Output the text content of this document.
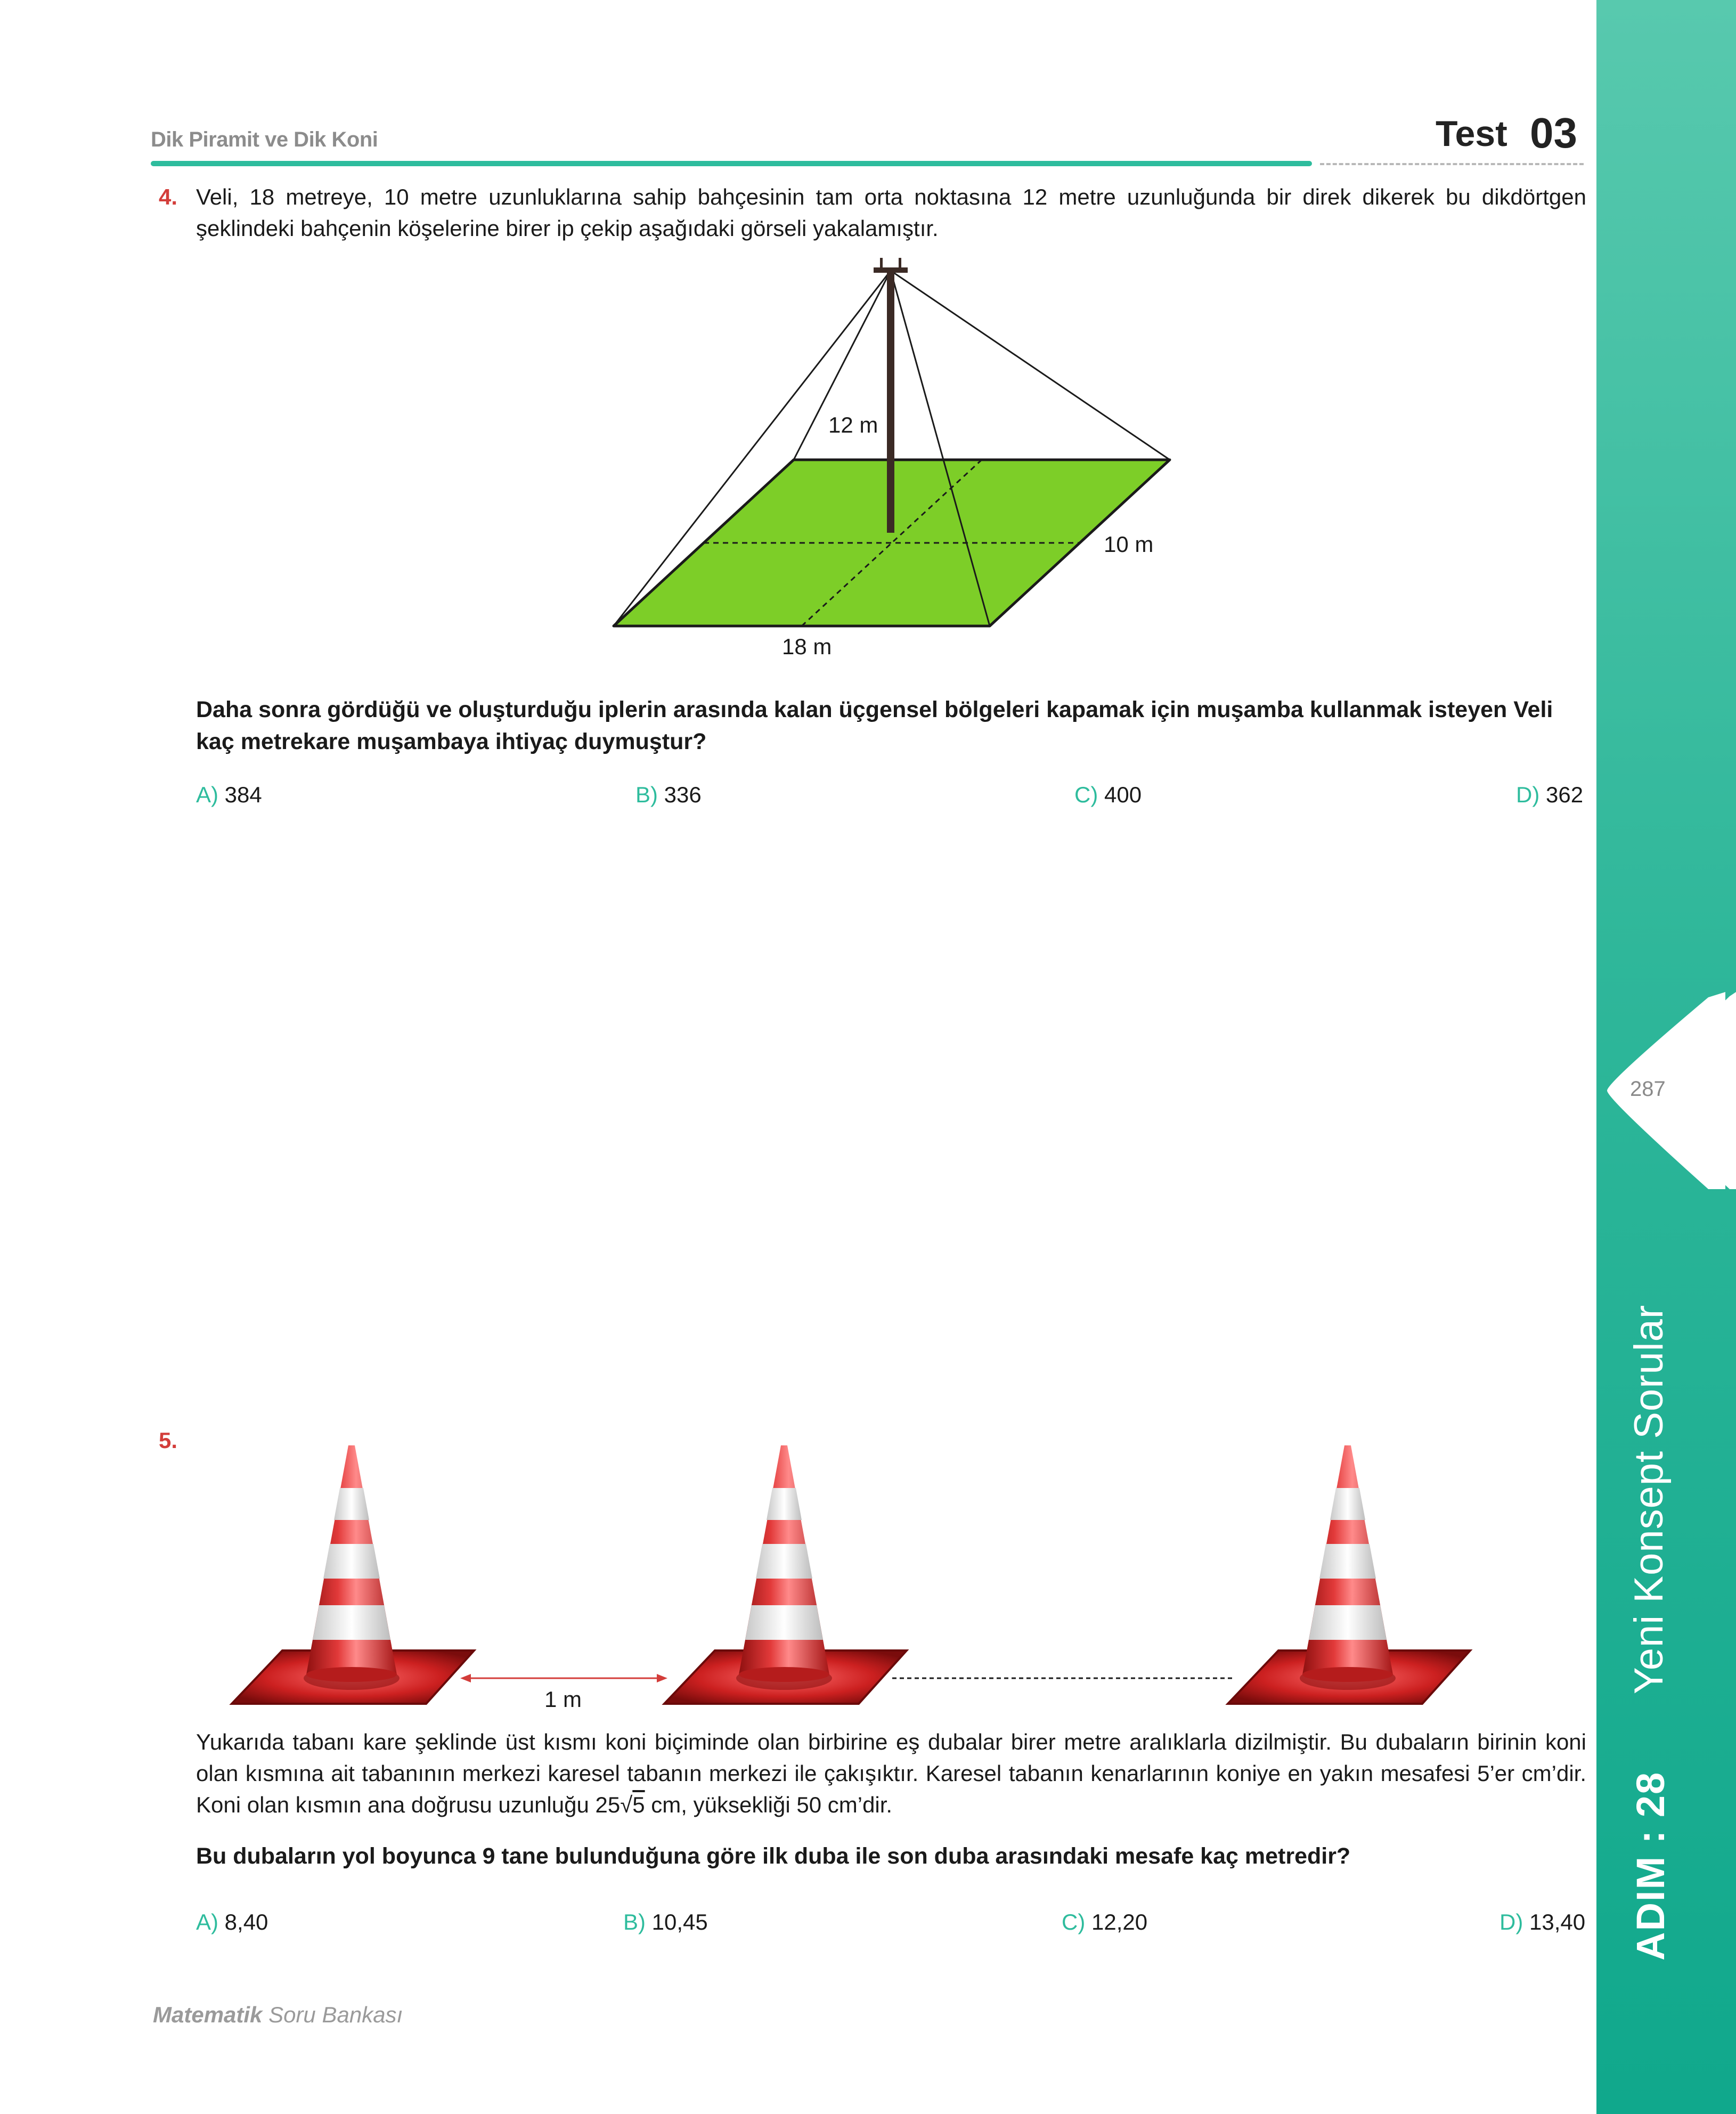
287
Yeni Konsept Sorular
ADIM : 28
Dik Piramit ve Dik Koni	Test 03
4. Veli, 18 metreye, 10 metre uzunluklarına sahip bahçesinin tam orta noktasına 12 metre uzunluğunda bir direk dikerek bu dikdörtgen şeklindeki bahçenin köşelerine birer ip çekip aşağıdaki görseli yakalamıştır.
12 m
10 m
18 m
Daha sonra gördüğü ve oluşturduğu iplerin arasında kalan üçgensel bölgeleri kapamak için muşamba kullanmak isteyen Veli kaç metrekare muşambaya ihtiyaç duymuştur?
A) 384	B) 336	C) 400	D) 362
5.
1 m
Yukarıda tabanı kare şeklinde üst kısmı koni biçiminde olan birbirine eş dubalar birer metre aralıklarla dizilmiştir. Bu dubaların birinin koni olan kısmına ait tabanının merkezi karesel tabanın merkezi ile çakışıktır. Karesel tabanın kenarlarının koniye en yakın mesafesi 5’er cm’dir. Koni olan kısmın ana doğrusu uzunluğu 25√5 cm, yüksekliği 50 cm’dir.
Bu dubaların yol boyunca 9 tane bulunduğuna göre ilk duba ile son duba arasındaki mesafe kaç metredir?
A) 8,40	B) 10,45	C) 12,20	D) 13,40
Matematik Soru Bankası
